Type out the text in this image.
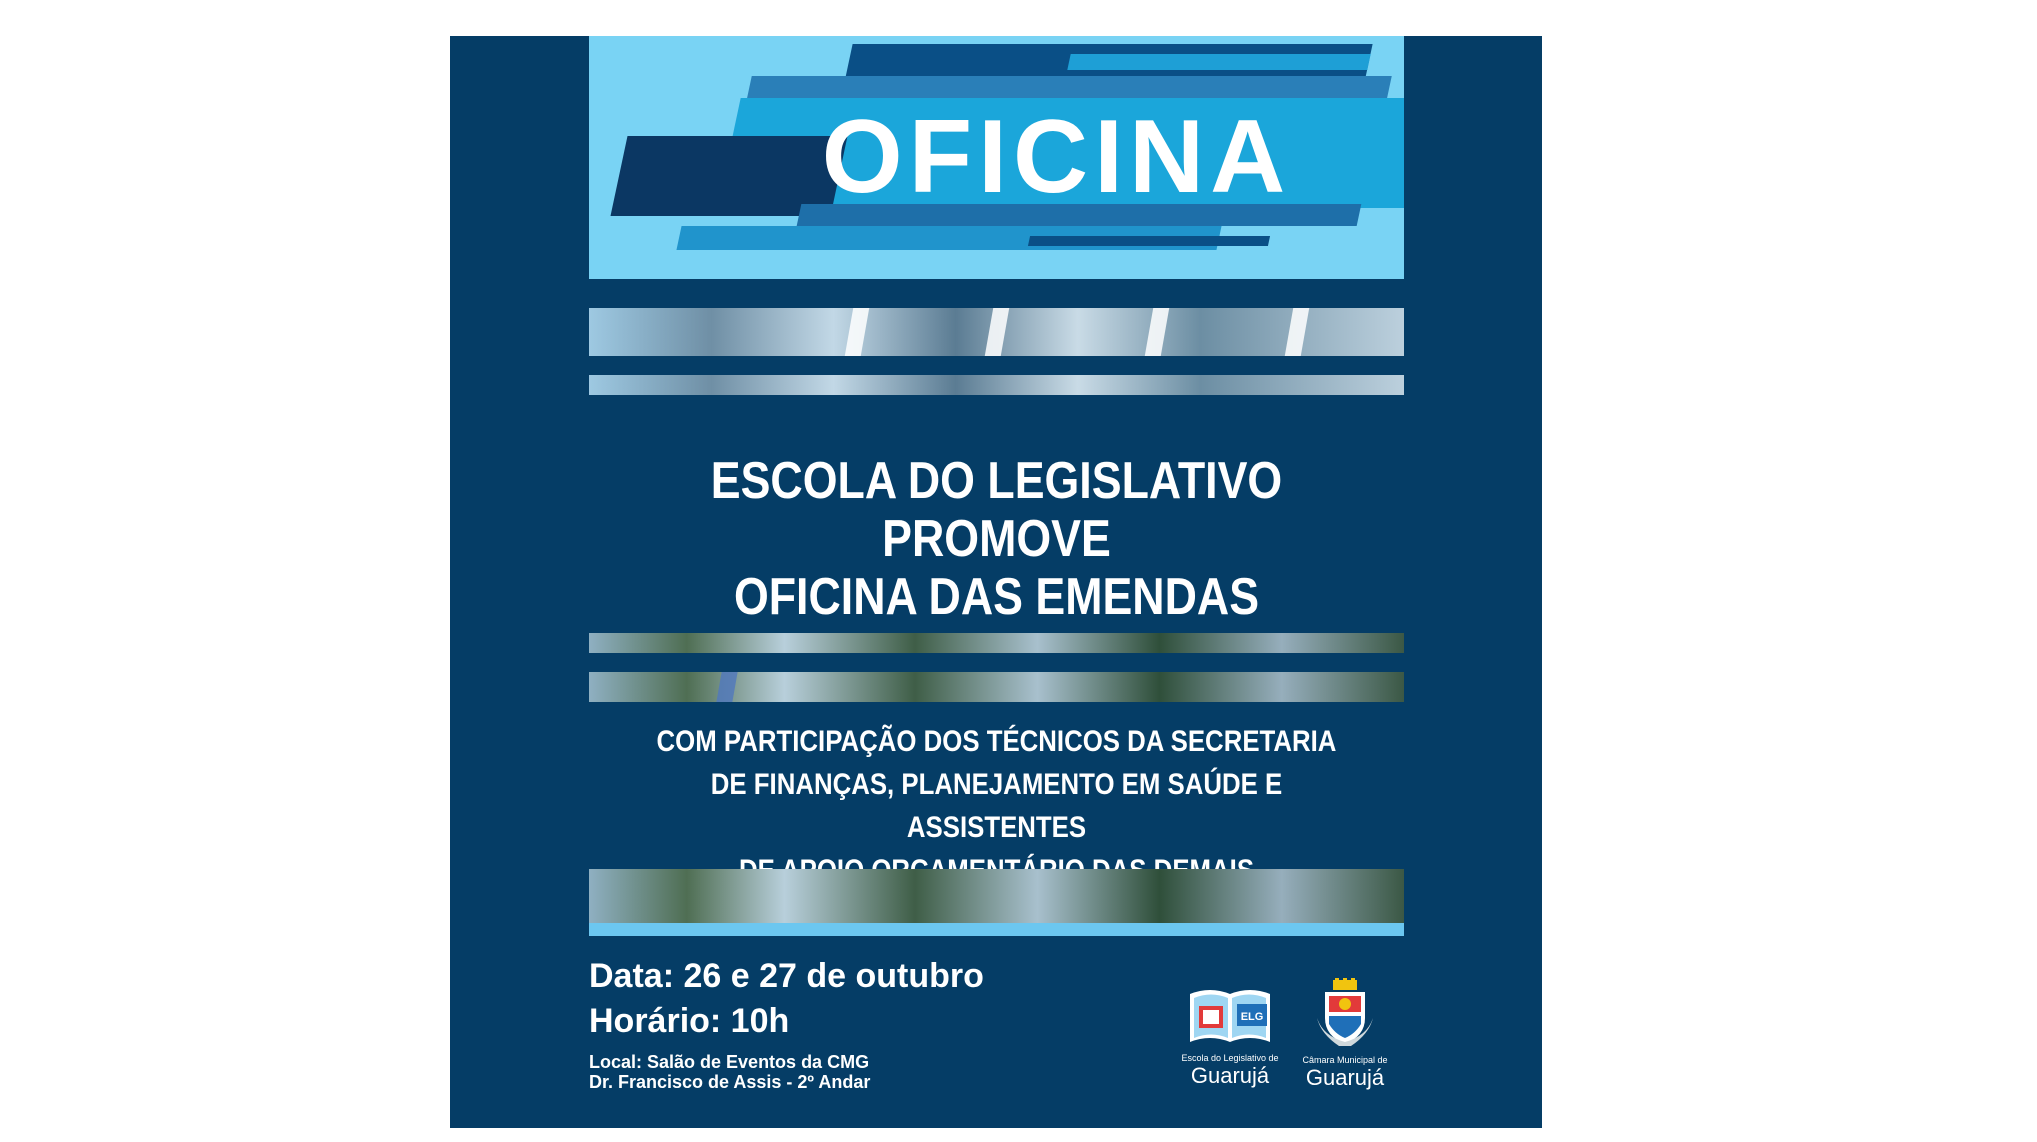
OFICINA
ESCOLA DO LEGISLATIVO PROMOVE
OFICINA DAS EMENDAS
COM PARTICIPAÇÃO DOS TÉCNICOS DA SECRETARIA
DE FINANÇAS, PLANEJAMENTO EM SAÚDE E ASSISTENTES
Data: 26 e 27 de outubro
Horário: 10h
Local: Salão de Eventos da CMG
Dr. Francisco de Assis - 2º Andar
ELG
Escola do Legislativo de
Guarujá
Câmara Municipal de
Guarujá
